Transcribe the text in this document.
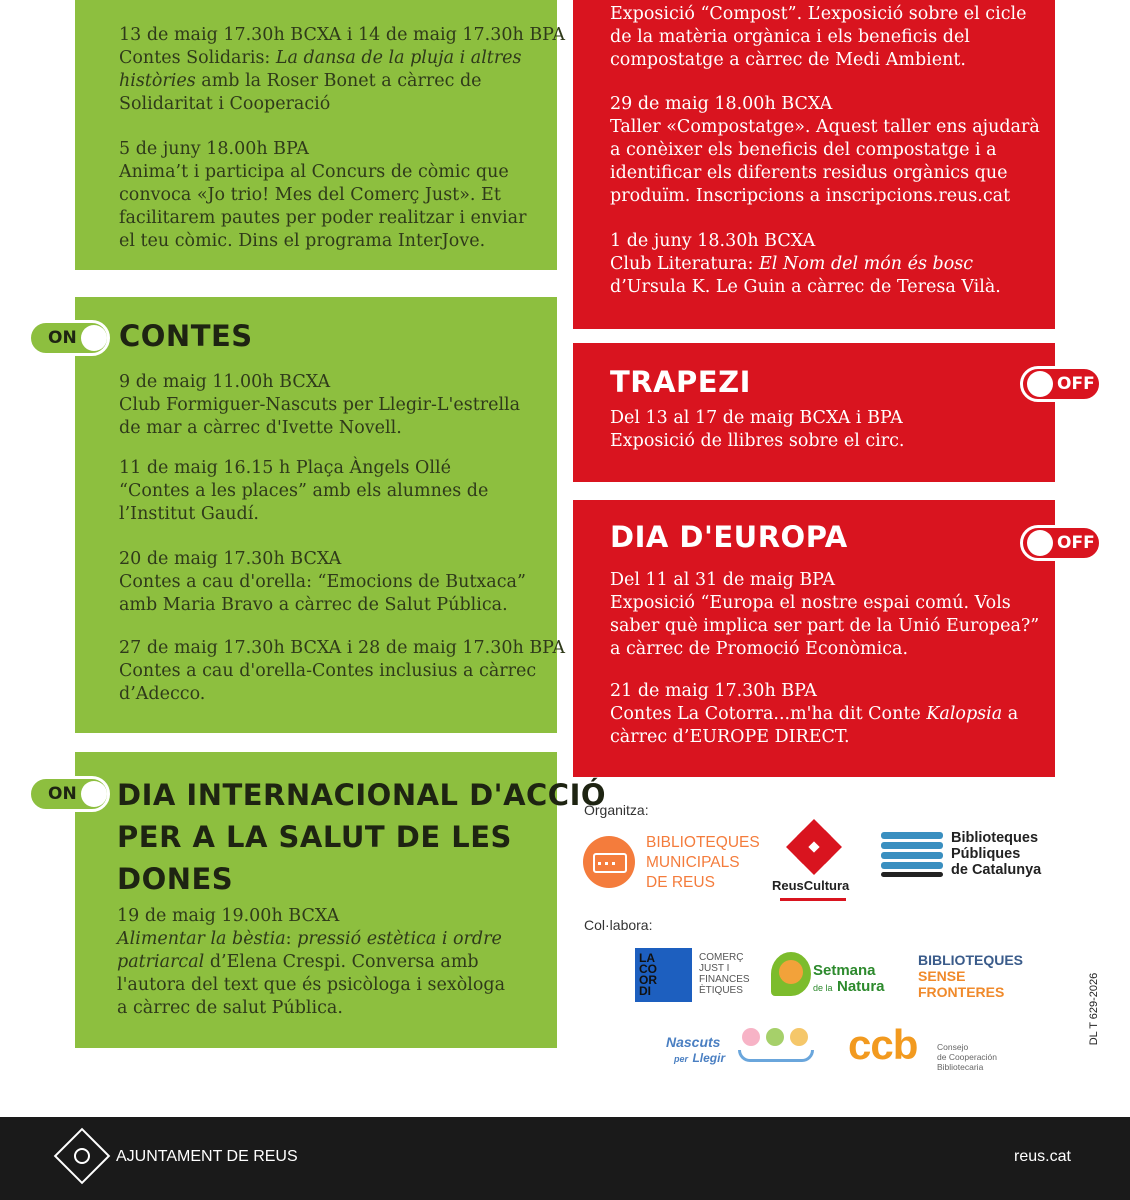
13 de maig 17.30h BCXA i 14 de maig 17.30h BPA
Contes Solidaris: La dansa de la pluja i altres
històries amb la Roser Bonet a càrrec de
Solidaritat i Cooperació
5 de juny 18.00h BPA
Anima’t i participa al Concurs de còmic que
convoca «Jo trio! Mes del Comerç Just». Et
facilitarem pautes per poder realitzar i enviar
el teu còmic. Dins el programa InterJove.
CONTES
9 de maig 11.00h BCXA
Club Formiguer-Nascuts per Llegir-L'estrella
de mar a càrrec d'Ivette Novell.
11 de maig 16.15 h Plaça Àngels Ollé
“Contes a les places” amb els alumnes de
l’Institut Gaudí.
20 de maig 17.30h BCXA
Contes a cau d'orella: “Emocions de Butxaca”
amb Maria Bravo a càrrec de Salut Pública.
27 de maig 17.30h BCXA i 28 de maig 17.30h BPA
Contes a cau d'orella-Contes inclusius a càrrec
d’Adecco.
ON
DIA INTERNACIONAL D'ACCIÓ
PER A LA SALUT DE LES
DONES
19 de maig 19.00h BCXA
Alimentar la bèstia: pressió estètica i ordre
patriarcal d’Elena Crespi. Conversa amb
l'autora del text que és psicòloga i sexòloga
a càrrec de salut Pública.
ON
Exposició “Compost”. L’exposició sobre el cicle
de la matèria orgànica i els beneficis del
compostatge a càrrec de Medi Ambient.
29 de maig 18.00h BCXA
Taller «Compostatge». Aquest taller ens ajudarà
a conèixer els beneficis del compostatge i a
identificar els diferents residus orgànics que
produïm. Inscripcions a inscripcions.reus.cat
1 de juny 18.30h BCXA
Club Literatura: El Nom del món és bosc
d’Ursula K. Le Guin a càrrec de Teresa Vilà.
TRAPEZI
Del 13 al 17 de maig BCXA i BPA
Exposició de llibres sobre el circ.
OFF
DIA D'EUROPA
Del 11 al 31 de maig BPA
Exposició “Europa el nostre espai comú. Vols
saber què implica ser part de la Unió Europea?”
a càrrec de Promoció Econòmica.
21 de maig 17.30h BPA
Contes La Cotorra...m'ha dit Conte Kalopsia a
càrrec d’EUROPE DIRECT.
OFF
Organitza:
BIBLIOTEQUES
MUNICIPALS
DE REUS	ReusCultura
Biblioteques
Públiques
de Catalunya
Col·labora:
LA
CO
OR
DI
COMERÇ
JUST I
FINANCES
ÈTIQUES
Setmana
de la Natura
BIBLIOTEQUES
SENSE
FRONTERES
Nascuts
per Llegir	ccb Consejo
de Cooperación
Bibliotecaria
DL T 629-2026
AJUNTAMENT DE REUS	reus.cat
